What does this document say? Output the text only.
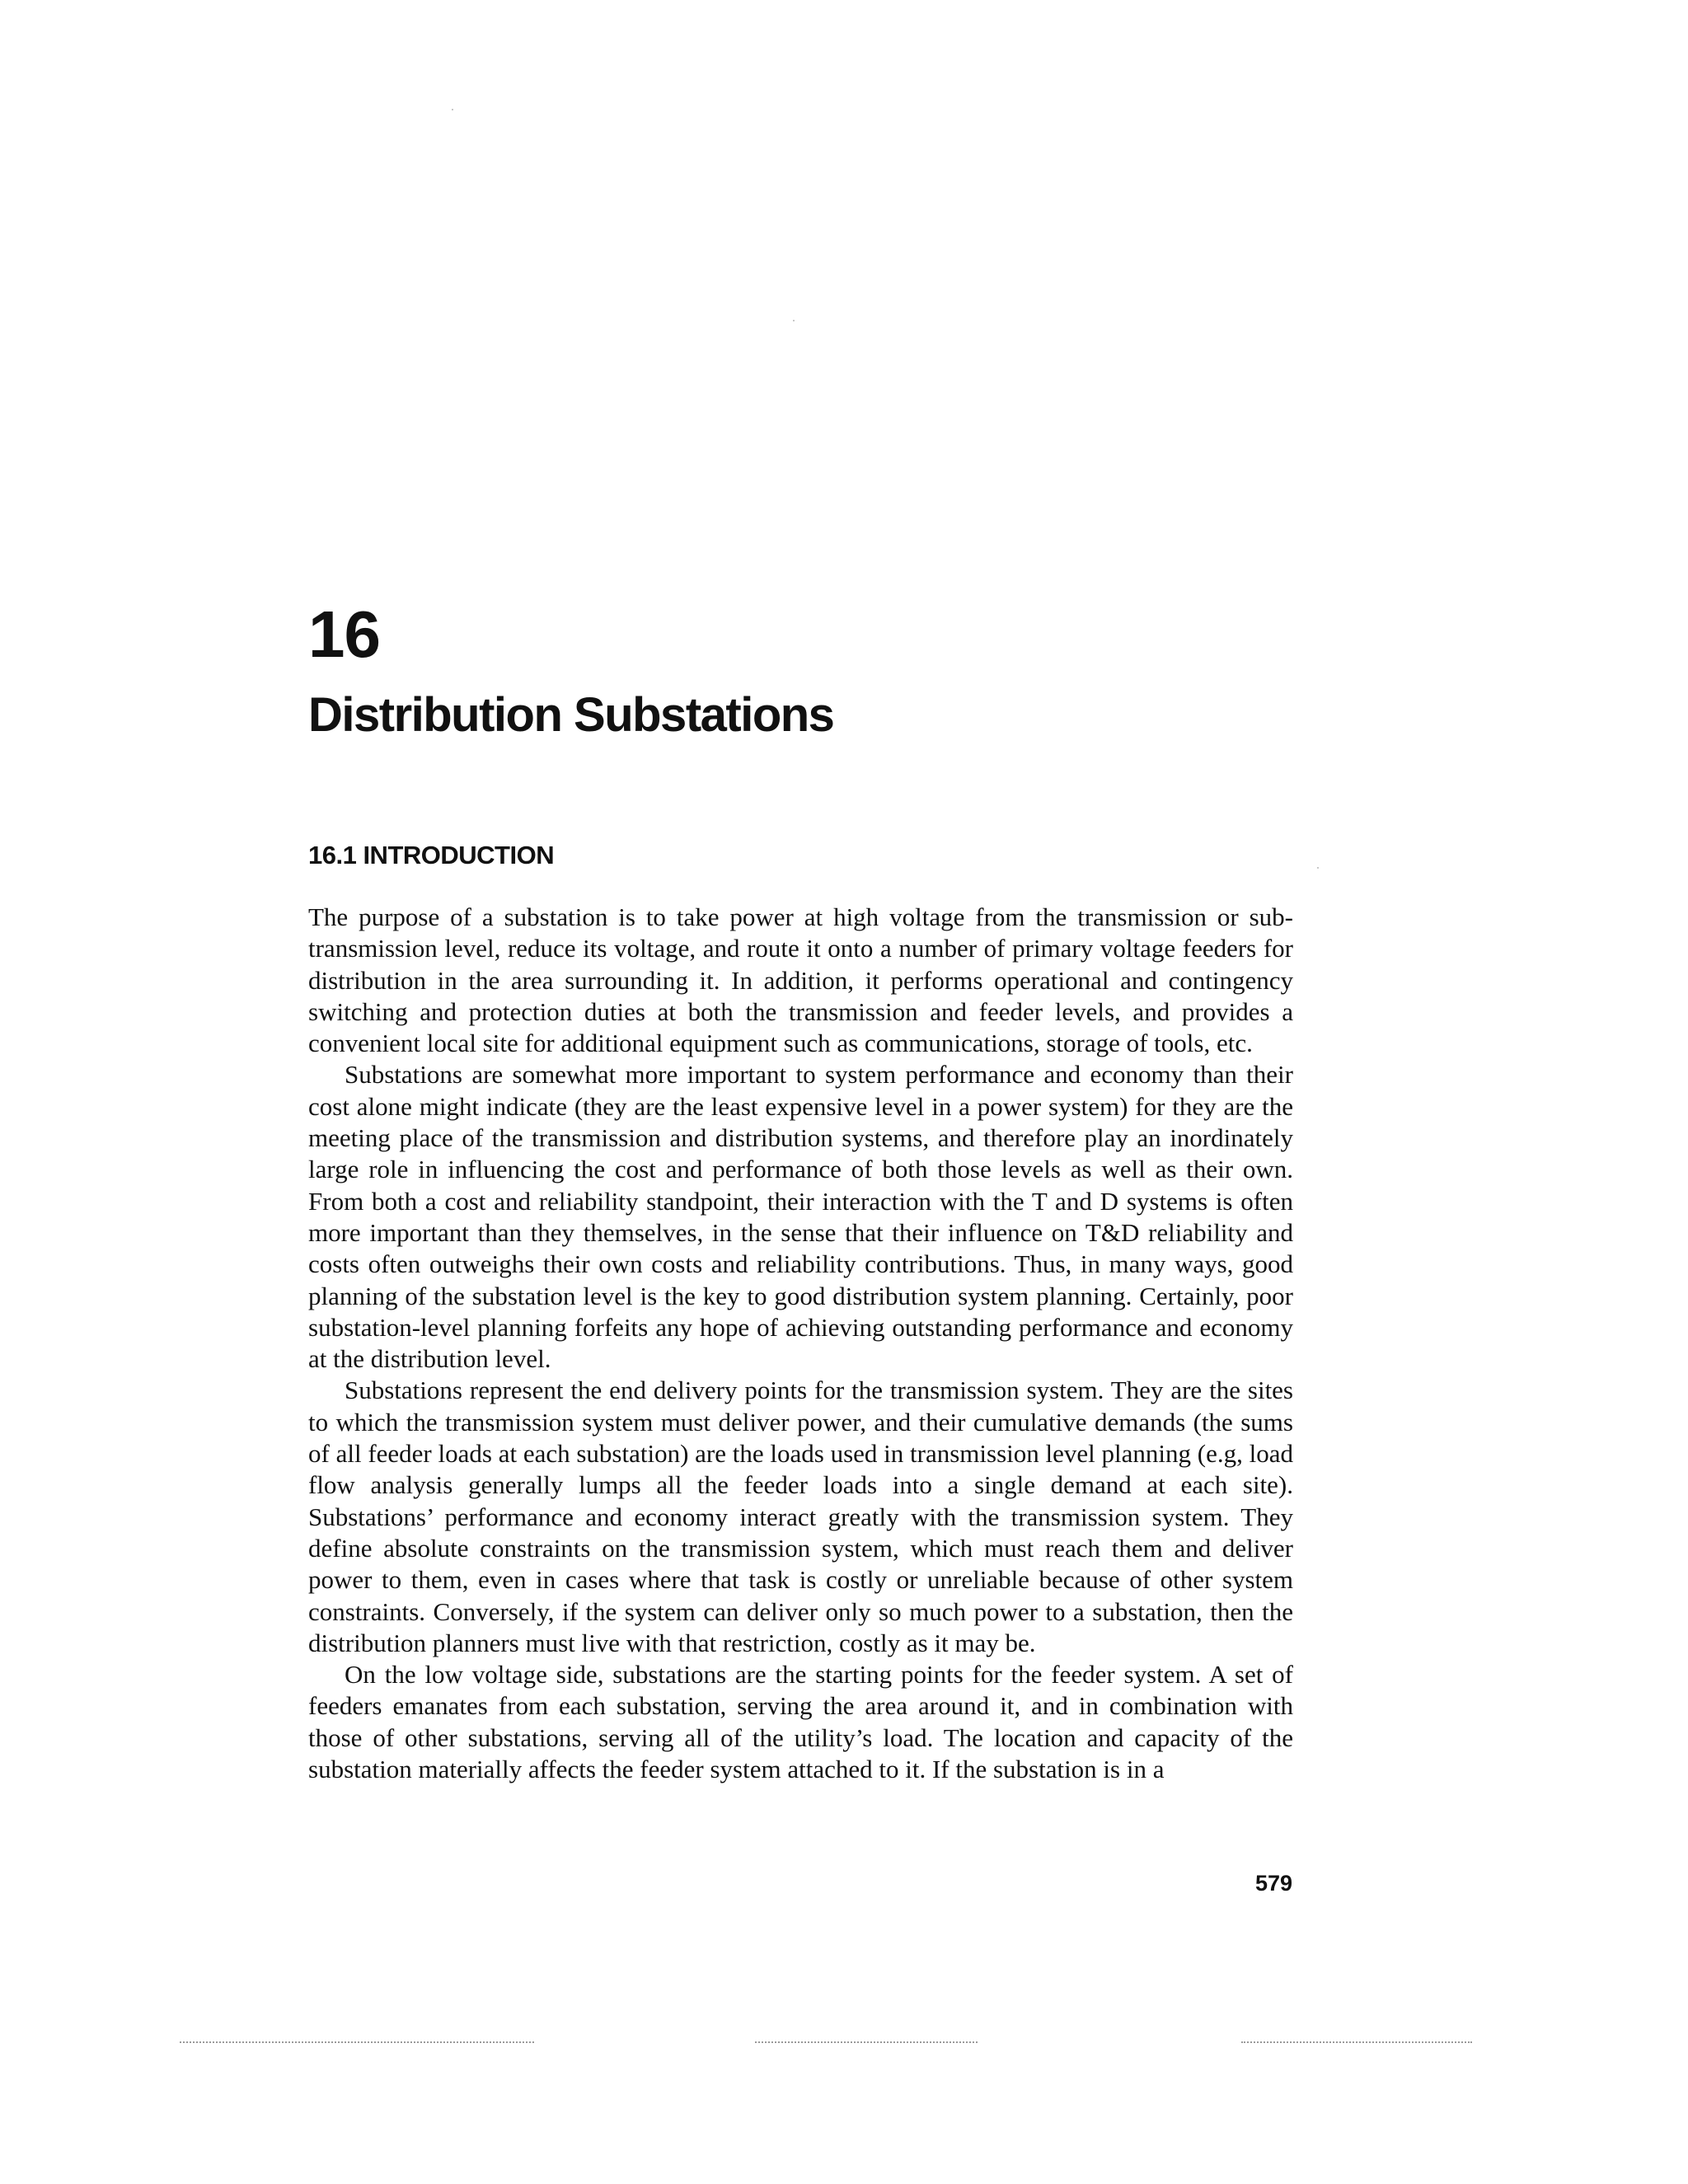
16
Distribution Substations
16.1 INTRODUCTION

The purpose of a substation is to take power at high voltage from the transmission or sub-transmission level, reduce its voltage, and route it onto a number of primary voltage feeders for distribution in the area surrounding it. In addition, it performs operational and contingency switching and protection duties at both the transmission and feeder levels, and provides a convenient local site for additional equipment such as communications, storage of tools, etc.

Substations are somewhat more important to system performance and economy than their cost alone might indicate (they are the least expensive level in a power system) for they are the meeting place of the transmission and distribution systems, and therefore play an inordinately large role in influencing the cost and performance of both those levels as well as their own. From both a cost and reliability standpoint, their interaction with the T and D systems is often more important than they themselves, in the sense that their influence on T&D reliability and costs often outweighs their own costs and reliability contributions. Thus, in many ways, good planning of the substation level is the key to good distribution system planning. Certainly, poor substation-level planning forfeits any hope of achieving outstanding performance and economy at the distribution level.

Substations represent the end delivery points for the transmission system. They are the sites to which the transmission system must deliver power, and their cumulative demands (the sums of all feeder loads at each substation) are the loads used in transmission level planning (e.g, load flow analysis generally lumps all the feeder loads into a single demand at each site). Substations’ performance and economy interact greatly with the transmission system. They define absolute constraints on the transmission system, which must reach them and deliver power to them, even in cases where that task is costly or unreliable because of other system constraints. Conversely, if the system can deliver only so much power to a substation, then the distribution planners must live with that restriction, costly as it may be.

On the low voltage side, substations are the starting points for the feeder system. A set of feeders emanates from each substation, serving the area around it, and in combination with those of other substations, serving all of the utility’s load. The location and capacity of the substation materially affects the feeder system attached to it. If the substation is in a

579
